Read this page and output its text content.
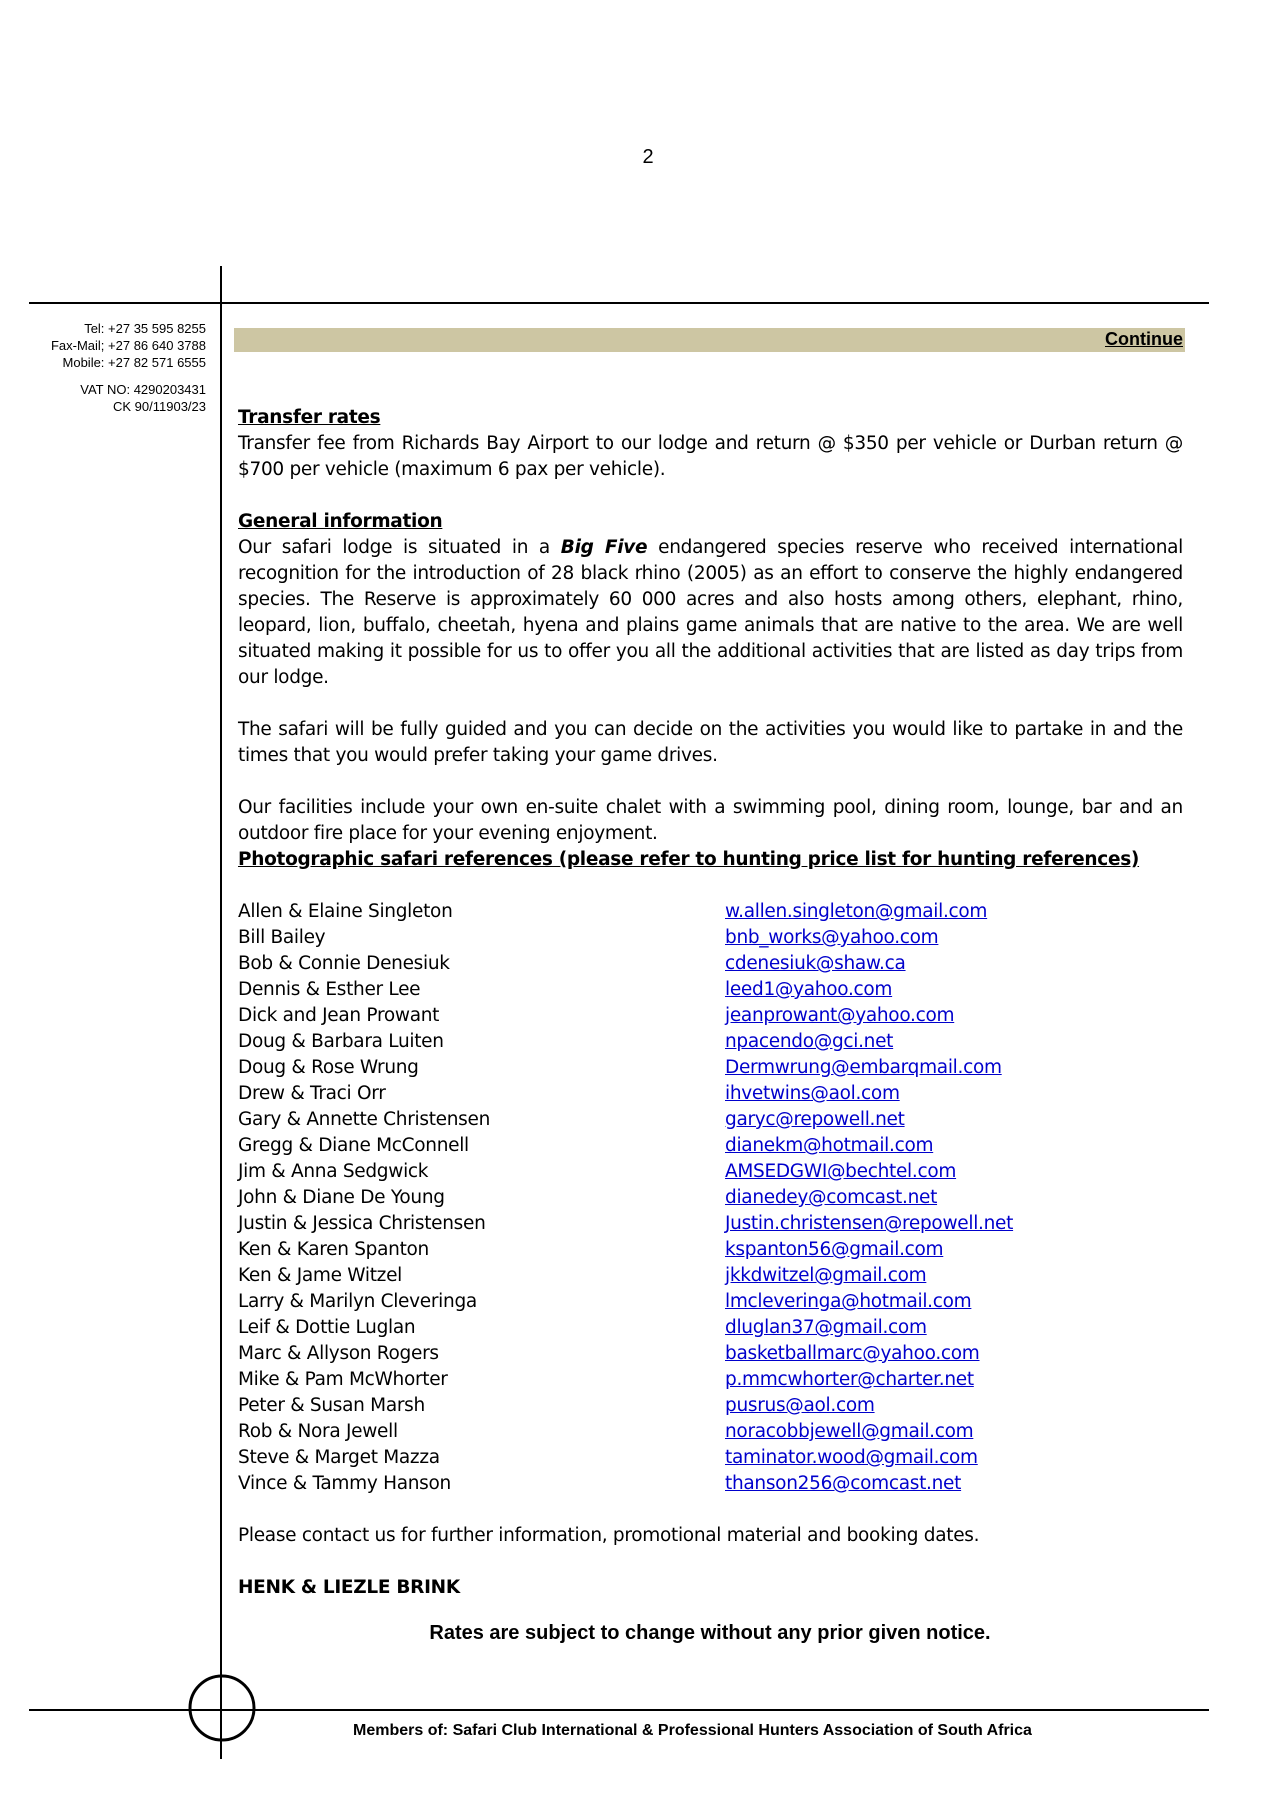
2
Tel: +27 35 595 8255
Fax-Mail; +27 86 640 3788
Mobile: +27 82 571 6555
VAT NO: 4290203431
CK 90/11903/23
Continue
Transfer rates

Transfer fee from Richards Bay Airport to our lodge and return @ $350 per vehicle or Durban return @ $700 per vehicle (maximum 6 pax per vehicle).

General information

Our safari lodge is situated in a Big Five endangered species reserve who received international recognition for the introduction of 28 black rhino (2005) as an effort to conserve the highly endangered species. The Reserve is approximately 60 000 acres and also hosts among others, elephant, rhino, leopard, lion, buffalo, cheetah, hyena and plains game animals that are native to the area. We are well situated making it possible for us to offer you all the additional activities that are listed as day trips from our lodge.

The safari will be fully guided and you can decide on the activities you would like to partake in and the times that you would prefer taking your game drives.

Our facilities include your own en-suite chalet with a swimming pool, dining room, lounge, bar and an outdoor fire place for your evening enjoyment.

Photographic safari references (please refer to hunting price list for hunting references)
Allen & Elaine Singleton	w.allen.singleton@gmail.com
Bill Bailey	bnb_works@yahoo.com
Bob & Connie Denesiuk	cdenesiuk@shaw.ca
Dennis & Esther Lee	leed1@yahoo.com
Dick and Jean Prowant	jeanprowant@yahoo.com
Doug & Barbara Luiten	npacendo@gci.net
Doug & Rose Wrung	Dermwrung@embarqmail.com
Drew & Traci Orr	ihvetwins@aol.com
Gary & Annette Christensen	garyc@repowell.net
Gregg & Diane McConnell	dianekm@hotmail.com
Jim & Anna Sedgwick	AMSEDGWI@bechtel.com
John & Diane De Young	dianedey@comcast.net
Justin & Jessica Christensen	Justin.christensen@repowell.net
Ken & Karen Spanton	kspanton56@gmail.com
Ken & Jame Witzel	jkkdwitzel@gmail.com
Larry & Marilyn Cleveringa	lmcleveringa@hotmail.com
Leif & Dottie Luglan	dluglan37@gmail.com
Marc & Allyson Rogers	basketballmarc@yahoo.com
Mike & Pam McWhorter	p.mmcwhorter@charter.net
Peter & Susan Marsh	pusrus@aol.com
Rob & Nora Jewell	noracobbjewell@gmail.com
Steve & Marget Mazza	taminator.wood@gmail.com
Vince & Tammy Hanson	thanson256@comcast.net

Please contact us for further information, promotional material and booking dates.

HENK & LIEZLE BRINK

Rates are subject to change without any prior given notice.
Members of: Safari Club International & Professional Hunters Association of South Africa
